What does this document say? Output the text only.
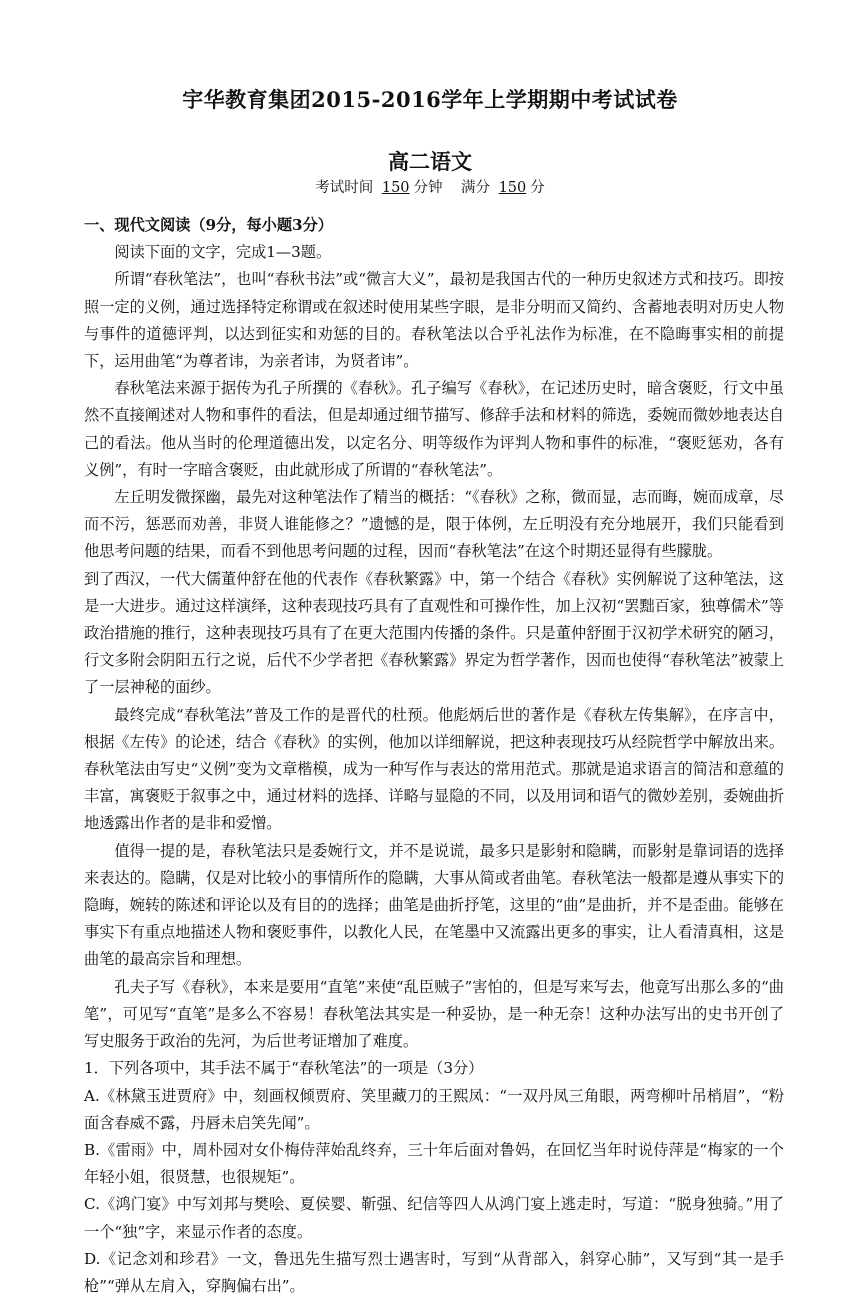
宇华教育集团2015-2016学年上学期期中考试试卷
高二语文
考试时间 150 分钟 满分 150 分

一、现代文阅读（9分，每小题3分）

阅读下面的文字，完成1—3题。

所谓“春秋笔法”，也叫“春秋书法”或“微言大义”，最初是我国古代的一种历史叙述方式和技巧。即按照一定的义例，通过选择特定称谓或在叙述时使用某些字眼，是非分明而又简约、含蓄地表明对历史人物与事件的道德评判，以达到征实和劝惩的目的。春秋笔法以合乎礼法作为标准，在不隐晦事实相的前提下，运用曲笔“为尊者讳，为亲者讳，为贤者讳”。

春秋笔法来源于据传为孔子所撰的《春秋》。孔子编写《春秋》，在记述历史时，暗含褒贬，行文中虽然不直接阐述对人物和事件的看法，但是却通过细节描写、修辞手法和材料的筛选，委婉而微妙地表达自己的看法。他从当时的伦理道德出发，以定名分、明等级作为评判人物和事件的标准，“褒贬惩劝，各有义例”，有时一字暗含褒贬，由此就形成了所谓的“春秋笔法”。

左丘明发微探幽，最先对这种笔法作了精当的概括：“《春秋》之称，微而显，志而晦，婉而成章，尽而不污，惩恶而劝善，非贤人谁能修之？”遗憾的是，限于体例，左丘明没有充分地展开，我们只能看到他思考问题的结果，而看不到他思考问题的过程，因而“春秋笔法”在这个时期还显得有些朦胧。

到了西汉，一代大儒董仲舒在他的代表作《春秋繁露》中，第一个结合《春秋》实例解说了这种笔法，这是一大进步。通过这样演绎，这种表现技巧具有了直观性和可操作性，加上汉初“罢黜百家，独尊儒术”等政治措施的推行，这种表现技巧具有了在更大范围内传播的条件。只是董仲舒囿于汉初学术研究的陋习，行文多附会阴阳五行之说，后代不少学者把《春秋繁露》界定为哲学著作，因而也使得“春秋笔法”被蒙上了一层神秘的面纱。

最终完成“春秋笔法”普及工作的是晋代的杜预。他彪炳后世的著作是《春秋左传集解》，在序言中，根据《左传》的论述，结合《春秋》的实例，他加以详细解说，把这种表现技巧从经院哲学中解放出来。春秋笔法由写史“义例”变为文章楷模，成为一种写作与表达的常用范式。那就是追求语言的简洁和意蕴的丰富，寓褒贬于叙事之中，通过材料的选择、详略与显隐的不同，以及用词和语气的微妙差别，委婉曲折地透露出作者的是非和爱憎。

值得一提的是，春秋笔法只是委婉行文，并不是说谎，最多只是影射和隐瞒，而影射是靠词语的选择来表达的。隐瞒，仅是对比较小的事情所作的隐瞒，大事从简或者曲笔。春秋笔法一般都是遵从事实下的隐晦，婉转的陈述和评论以及有目的的选择；曲笔是曲折抒笔，这里的“曲”是曲折，并不是歪曲。能够在事实下有重点地描述人物和褒贬事件，以教化人民，在笔墨中又流露出更多的事实，让人看清真相，这是曲笔的最高宗旨和理想。

孔夫子写《春秋》，本来是要用“直笔”来使“乱臣贼子”害怕的，但是写来写去，他竟写出那么多的“曲笔”，可见写“直笔”是多么不容易！春秋笔法其实是一种妥协，是一种无奈！这种办法写出的史书开创了写史服务于政治的先河，为后世考证增加了难度。

1．下列各项中，其手法不属于“春秋笔法”的一项是（3分）

A.《林黛玉进贾府》中，刻画权倾贾府、笑里藏刀的王熙凤：“一双丹凤三角眼，两弯柳叶吊梢眉”，“粉面含春威不露，丹唇未启笑先闻”。

B.《雷雨》中，周朴园对女仆梅侍萍始乱终弃，三十年后面对鲁妈，在回忆当年时说侍萍是“梅家的一个年轻小姐，很贤慧，也很规矩”。

C.《鸿门宴》中写刘邦与樊哙、夏侯婴、靳强、纪信等四人从鸿门宴上逃走时，写道：“脱身独骑。”用了一个“独”字，来显示作者的态度。

D.《记念刘和珍君》一文，鲁迅先生描写烈士遇害时，写到“从背部入，斜穿心肺”，又写到“其一是手枪”“弹从左肩入，穿胸偏右出”。
